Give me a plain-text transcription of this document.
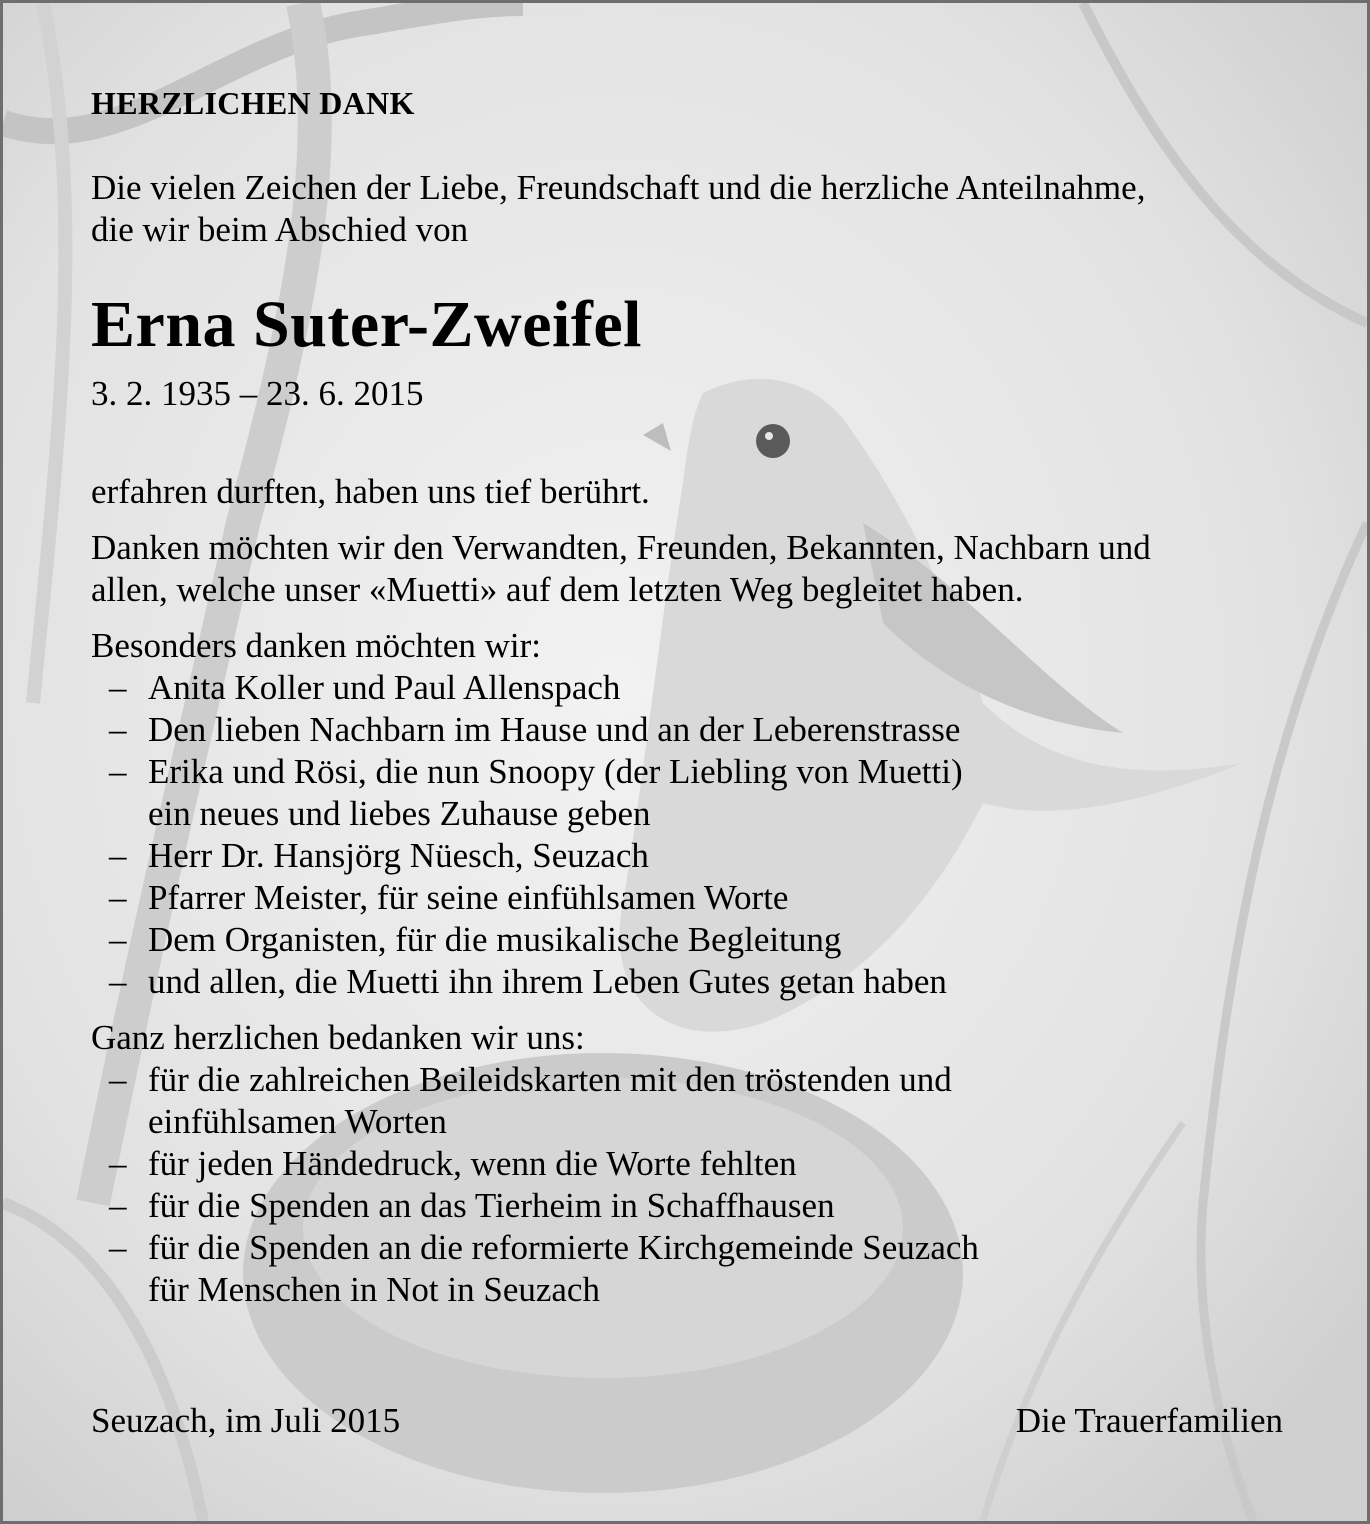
HERZLICHEN DANK

Die vielen Zeichen der Liebe, Freundschaft und die herzliche Anteilnahme,

die wir beim Abschied von

Erna Suter-Zweifel

3. 2. 1935 – 23. 6. 2015

erfahren durften, haben uns tief berührt.

Danken möchten wir den Verwandten, Freunden, Bekannten, Nachbarn und

allen, welche unser «Muetti» auf dem letzten Weg begleitet haben.

Besonders danken möchten wir:

– Anita Koller und Paul Allenspach
– Den lieben Nachbarn im Hause und an der Leberenstrasse
– Erika und Rösi, die nun Snoopy (der Liebling von Muetti)
ein neues und liebes Zuhause geben
– Herr Dr. Hansjörg Nüesch, Seuzach
– Pfarrer Meister, für seine einfühlsamen Worte
– Dem Organisten, für die musikalische Begleitung
– und allen, die Muetti ihn ihrem Leben Gutes getan haben

Ganz herzlichen bedanken wir uns:

– für die zahlreichen Beileidskarten mit den tröstenden und
einfühlsamen Worten
– für jeden Händedruck, wenn die Worte fehlten
– für die Spenden an das Tierheim in Schaffhausen
– für die Spenden an die reformierte Kirchgemeinde Seuzach
für Menschen in Not in Seuzach
Seuzach, im Juli 2015	Die Trauerfamilien
